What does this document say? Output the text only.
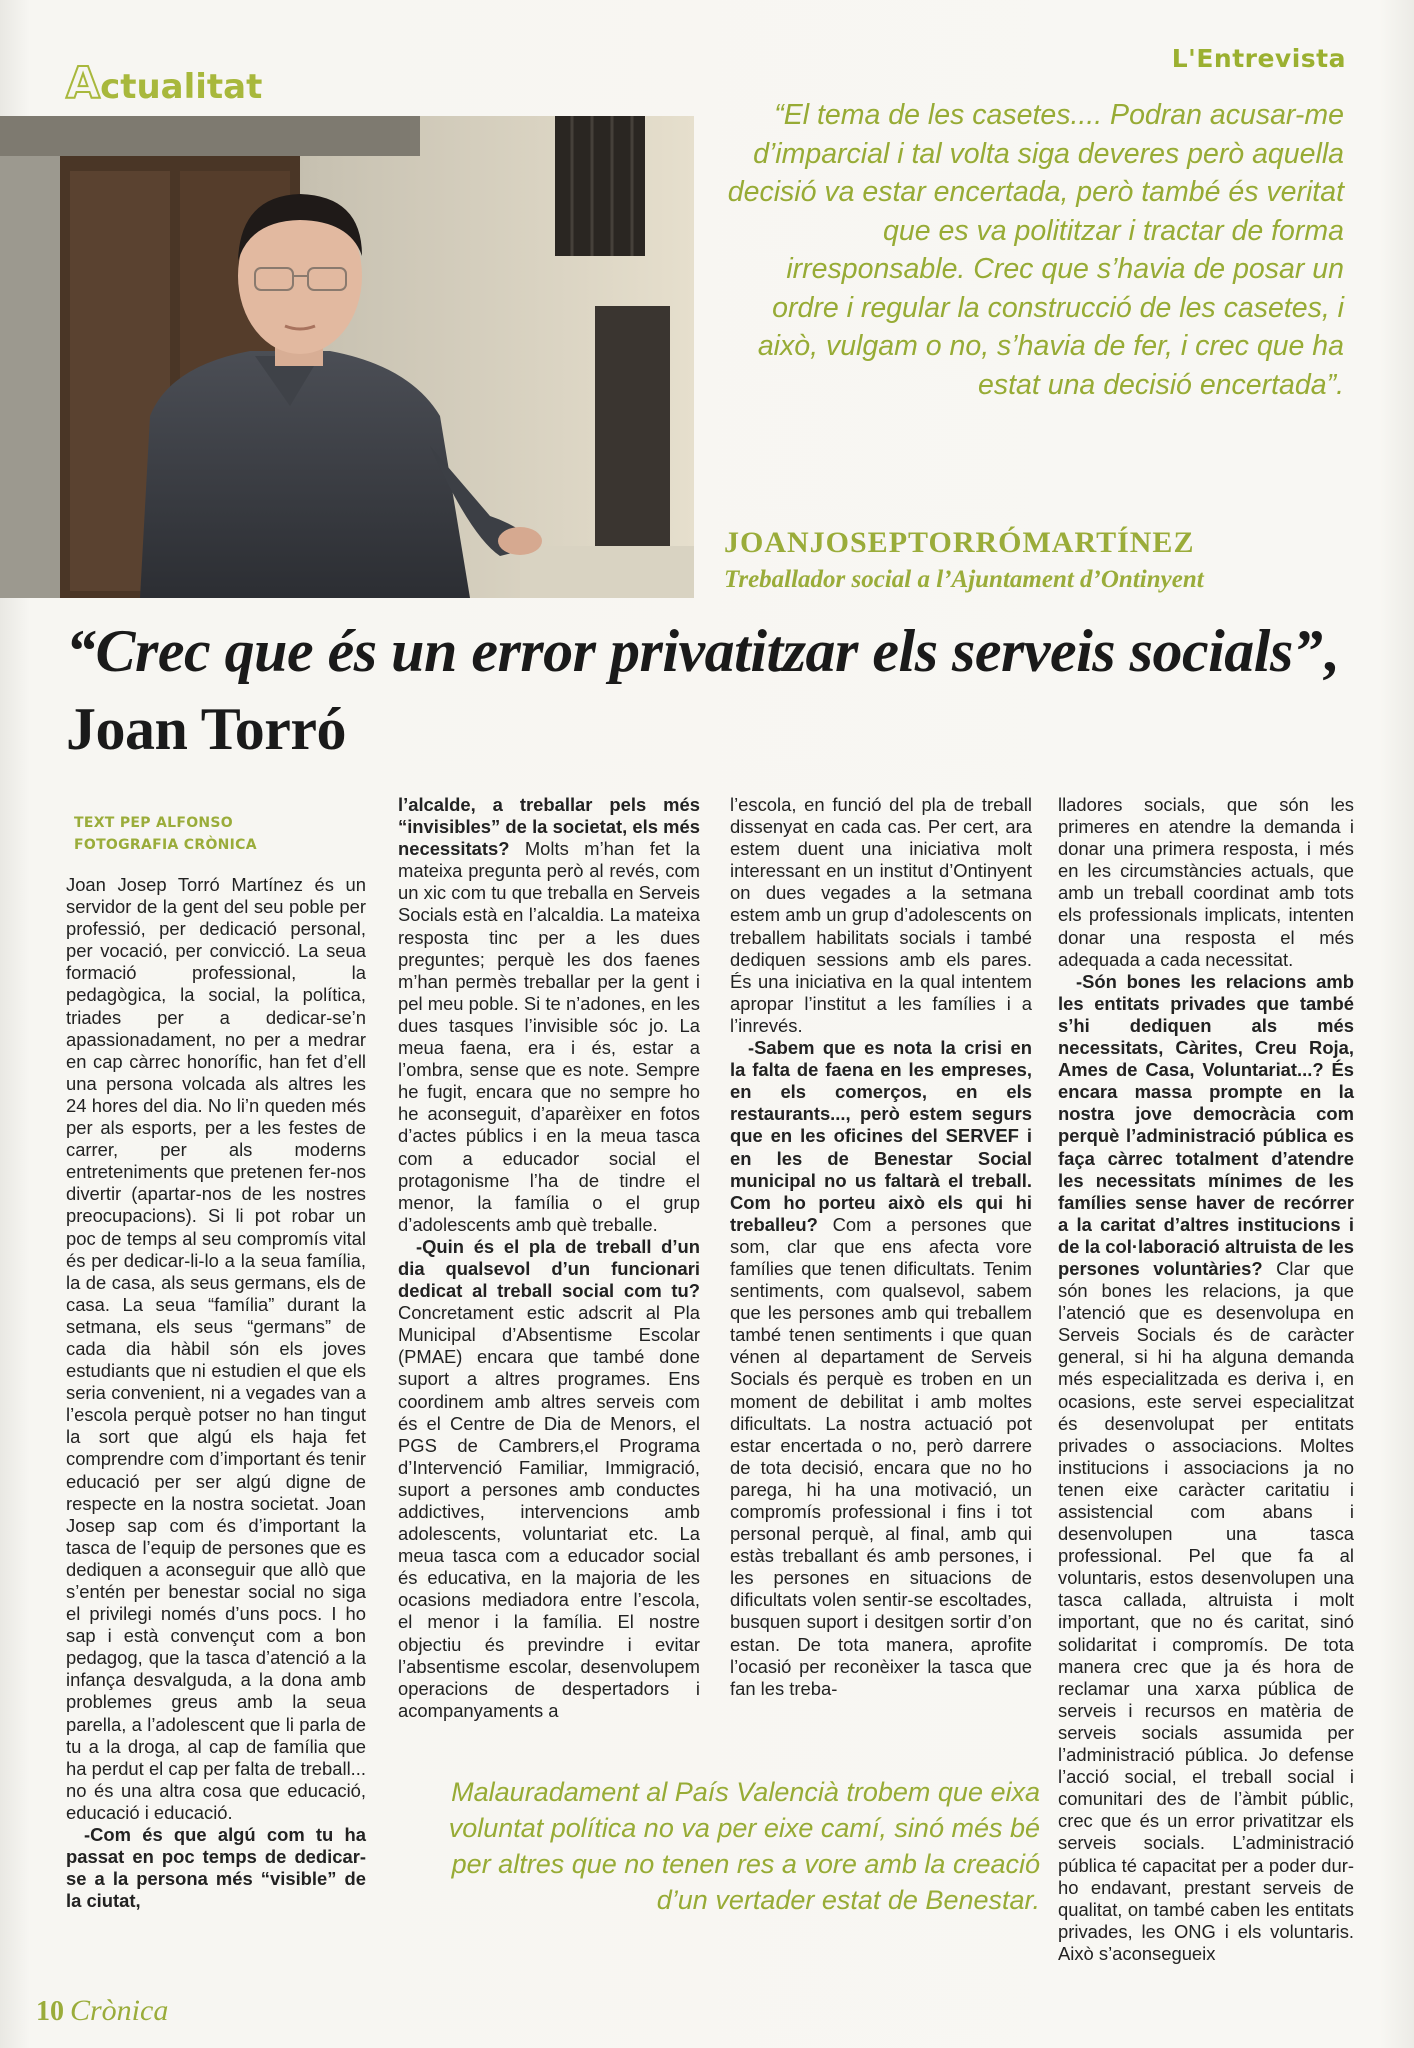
Actualitat
L'Entrevista
“El tema de les casetes.... Podran acusar-me d’imparcial i tal volta siga deveres però aquella decisió va estar encertada, però també és veritat que es va polititzar i tractar de forma irresponsable. Crec que s’havia de posar un ordre i regular la construcció de les casetes, i això, vulgam o no, s’havia de fer, i crec que ha estat una decisió encertada”.
JOANJOSEPTORRÓMARTÍNEZ
Treballador social a l’Ajuntament d’Ontinyent
“Crec que és un error privatitzar els serveis socials”, Joan Torró
TEXT PEP ALFONSO
FOTOGRAFIA CRÒNICA

Joan Josep Torró Martínez és un servidor de la gent del seu poble per professió, per dedicació personal, per vocació, per convicció. La seua formació professional, la pedagògica, la social, la política, triades per a dedicar-se’n apassionadament, no per a medrar en cap càrrec honorífic, han fet d’ell una persona volcada als altres les 24 hores del dia. No li’n queden més per als esports, per a les festes de carrer, per als moderns entreteniments que pretenen fer-nos divertir (apartar-nos de les nostres preocupacions). Si li pot robar un poc de temps al seu compromís vital és per dedicar-li-lo a la seua família, la de casa, als seus germans, els de casa. La seua “família” durant la setmana, els seus “germans” de cada dia hàbil són els joves estudiants que ni estudien el que els seria convenient, ni a vegades van a l’escola perquè potser no han tingut la sort que algú els haja fet comprendre com d’important és tenir educació per ser algú digne de respecte en la nostra societat. Joan Josep sap com és d’important la tasca de l’equip de persones que es dediquen a aconseguir que allò que s’entén per benestar social no siga el privilegi només d’uns pocs. I ho sap i està convençut com a bon pedagog, que la tasca d’atenció a la infança desvalguda, a la dona amb problemes greus amb la seua parella, a l’adolescent que li parla de tu a la droga, al cap de família que ha perdut el cap per falta de treball... no és una altra cosa que educació, educació i educació.

-Com és que algú com tu ha passat en poc temps de dedicar-se a la persona més “visible” de la ciutat,

l’alcalde, a treballar pels més “invisibles” de la societat, els més necessitats? Molts m’han fet la mateixa pregunta però al revés, com un xic com tu que treballa en Serveis Socials està en l’alcaldia. La mateixa resposta tinc per a les dues preguntes; perquè les dos faenes m’han permès treballar per la gent i pel meu poble. Si te n’adones, en les dues tasques l’invisible sóc jo. La meua faena, era i és, estar a l’ombra, sense que es note. Sempre he fugit, encara que no sempre ho he aconseguit, d’aparèixer en fotos d’actes públics i en la meua tasca com a educador social el protagonisme l’ha de tindre el menor, la família o el grup d’adolescents amb què treballe.

-Quin és el pla de treball d’un dia qualsevol d’un funcionari dedicat al treball social com tu? Concretament estic adscrit al Pla Municipal d’Absentisme Escolar (PMAE) encara que també done suport a altres programes. Ens coordinem amb altres serveis com és el Centre de Dia de Menors, el PGS de Cambrers,el Programa d’Intervenció Familiar, Immigració, suport a persones amb conductes addictives, intervencions amb adolescents, voluntariat etc. La meua tasca com a educador social és educativa, en la majoria de les ocasions mediadora entre l’escola, el menor i la família. El nostre objectiu és previndre i evitar l’absentisme escolar, desenvolupem operacions de despertadors i acompanyaments a

l’escola, en funció del pla de treball dissenyat en cada cas. Per cert, ara estem duent una iniciativa molt interessant en un institut d’Ontinyent on dues vegades a la setmana estem amb un grup d’adolescents on treballem habilitats socials i també dediquen sessions amb els pares. És una iniciativa en la qual intentem apropar l’institut a les famílies i a l’inrevés.

-Sabem que es nota la crisi en la falta de faena en les empreses, en els comerços, en els restaurants..., però estem segurs que en les oficines del SERVEF i en les de Benestar Social municipal no us faltarà el treball. Com ho porteu això els qui hi treballeu? Com a persones que som, clar que ens afecta vore famílies que tenen dificultats. Tenim sentiments, com qualsevol, sabem que les persones amb qui treballem també tenen sentiments i que quan vénen al departament de Serveis Socials és perquè es troben en un moment de debilitat i amb moltes dificultats. La nostra actuació pot estar encertada o no, però darrere de tota decisió, encara que no ho parega, hi ha una motivació, un compromís professional i fins i tot personal perquè, al final, amb qui estàs treballant és amb persones, i les persones en situacions de dificultats volen sentir-se escoltades, busquen suport i desitgen sortir d’on estan. De tota manera, aprofite l’ocasió per reconèixer la tasca que fan les treba-

lladores socials, que són les primeres en atendre la demanda i donar una primera resposta, i més en les circumstàncies actuals, que amb un treball coordinat amb tots els professionals implicats, intenten donar una resposta el més adequada a cada necessitat.

-Són bones les relacions amb les entitats privades que també s’hi dediquen als més necessitats, Càrites, Creu Roja, Ames de Casa, Voluntariat...? És encara massa prompte en la nostra jove democràcia com perquè l’administració pública es faça càrrec totalment d’atendre les necessitats mínimes de les famílies sense haver de recórrer a la caritat d’altres institucions i de la col·laboració altruista de les persones voluntàries? Clar que són bones les relacions, ja que l’atenció que es desenvolupa en Serveis Socials és de caràcter general, si hi ha alguna demanda més especialitzada es deriva i, en ocasions, este servei especialitzat és desenvolupat per entitats privades o associacions. Moltes institucions i associacions ja no tenen eixe caràcter caritatiu i assistencial com abans i desenvolupen una tasca professional. Pel que fa al voluntaris, estos desenvolupen una tasca callada, altruista i molt important, que no és caritat, sinó solidaritat i compromís. De tota manera crec que ja és hora de reclamar una xarxa pública de serveis i recursos en matèria de serveis socials assumida per l’administració pública. Jo defense l’acció social, el treball social i comunitari des de l’àmbit públic, crec que és un error privatitzar els serveis socials. L’administració pública té capacitat per a poder dur-ho endavant, prestant serveis de qualitat, on també caben les entitats privades, les ONG i els voluntaris. Això s’aconsegueix

Malauradament al País Valencià trobem que eixa voluntat política no va per eixe camí, sinó més bé per altres que no tenen res a vore amb la creació d’un vertader estat de Benestar.
10 Crònica
